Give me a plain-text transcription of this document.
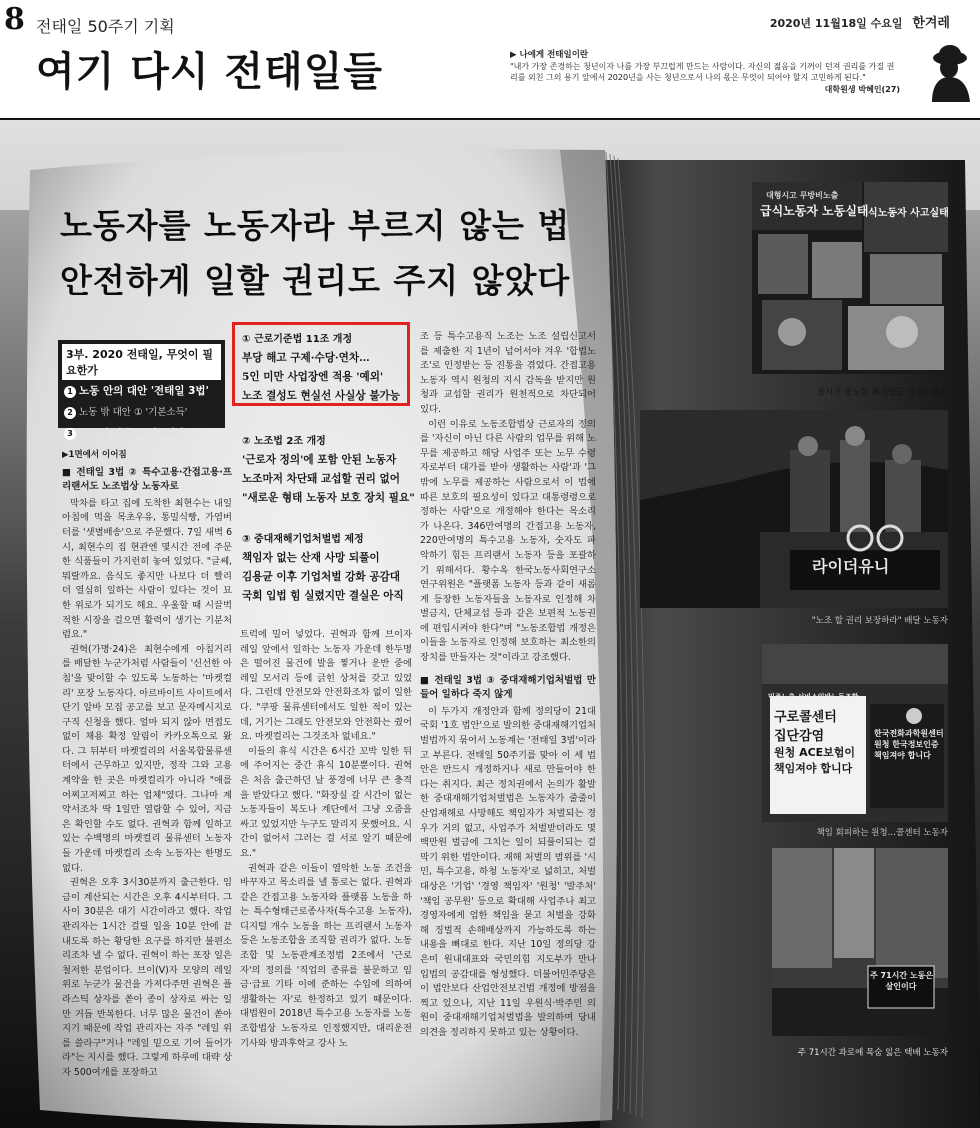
8 전태일 50주기 기획
여기 다시 전태일들
2020년 11월18일 수요일 한겨레
▶ 나에게 전태일이란
"내가 가장 존경하는 청년이자 나를 가장 부끄럽게 만드는 사람이다. 자신의 젊음을 기꺼이 던져 권리를 가질 권리를 외친 그의 용기 앞에서 2020년을 사는 청년으로서 나의 몫은 무엇이 되어야 할지 고민하게 된다."
대학원생 박혜인(27)
노동자를 노동자라 부르지 않는 법
안전하게 일할 권리도 주지 않았다
3부. 2020 전태일, 무엇이 필요한가
1 노동 안의 대안 '전태일 3법'
2 노동 밖 대안 ① '기본소득'
3 노동 밖 대안 ② '기초자산'
① 근로기준법 11조 개정
부당 해고 구제·수당·연차…
5인 미만 사업장엔 적용 '예외'
노조 결성도 현실선 사실상 불가능
② 노조법 2조 개정
'근로자 정의'에 포함 안된 노동자
노조마저 차단돼 교섭할 권리 없어
"새로운 형태 노동자 보호 장치 필요"
③ 중대재해기업처벌법 제정
책임자 없는 산재 사망 되풀이
김용균 이후 기업처벌 강화 공감대
국회 입법 힘 실렸지만 결실은 아직

▶1면에서 이어짐

■ 전태일 3법 ② 특수고용·간접고용·프리랜서도 노조법상 노동자로

막차를 타고 집에 도착한 최현수는 내일 아침에 먹을 목초우유, 통밀식빵, 가염버터를 '샛별배송'으로 주문했다. 7일 새벽 6시, 최현수의 집 현관엔 몇시간 전에 주문한 식품들이 가지런히 놓여 있었다. "글쎄, 뭐랄까요. 음식도 좋지만 나보다 더 빨리 더 열심히 일하는 사람이 있다는 것이 묘한 위로가 되기도 해요. 우울할 때 시끌벅적한 시장을 걸으면 활력이 생기는 기분처럼요."

권혁(가명·24)은 최현수에게 아침거리를 배달한 누군가처럼 사람들이 '신선한 아침'을 맞이할 수 있도록 노동하는 '마켓컬리' 포장 노동자다. 아르바이트 사이트에서 단기 알바 모집 공고를 보고 문자메시지로 구직 신청을 했다. 얼마 되지 않아 면접도 없이 채용 확정 알림이 카카오톡으로 왔다. 그 뒤부터 마켓컬리의 서울복합물류센터에서 근무하고 있지만, 정작 그와 고용 계약을 한 곳은 마켓컬리가 아니라 "애를 어찌고저찌고 하는 업체"였다. 그나마 계약서조차 딱 1일만 열람할 수 있어, 지금은 확인할 수도 없다. 권혁과 함께 일하고 있는 수백명의 마켓컬리 물류센터 노동자들 가운데 마켓컬리 소속 노동자는 한명도 없다.

권혁은 오후 3시30분까지 출근한다. 임금이 계산되는 시간은 오후 4시부터다. 그사이 30분은 대기 시간이라고 했다. 작업 관리자는 1시간 걸릴 일을 10분 안에 끝내도록 하는 황당한 요구를 하지만 불편소리조차 낼 수 없다. 권혁이 하는 포장 일은 철저한 분업이다. 브이(V)자 모양의 레일 위로 누군가 물건을 가져다주면 권혁은 플라스틱 상자를 쏟아 종이 상자로 싸는 일만 거듭 반복한다. 너무 많은 물건이 쏟아지기 때문에 작업 관리자는 자주 "레일 위를 쓸라구"거나 "레일 밑으로 기어 들어가라"는 지시를 했다. 그렇게 하루에 대략 상자 500여개를 포장하고

트럭에 밀어 넣었다. 권혁과 함께 브이자 레일 앞에서 일하는 노동자 가운데 한두명은 떨어진 물건에 발을 찧거나 운반 중에 레일 모서리 등에 긁힌 상처를 갖고 있었다. 그런데 안전모와 안전화조차 없이 일한다. "쿠팡 물류센터에서도 일한 적이 있는데, 거기는 그래도 안전모와 안전화는 줬어요. 마켓컬리는 그것조차 없네요."

이들의 휴식 시간은 6시간 꼬박 일한 뒤에 주어지는 중간 휴식 10분뿐이다. 권혁은 처음 출근하던 날 풍경에 너무 큰 충격을 받았다고 했다. "화장실 갈 시간이 없는 노동자들이 복도나 계단에서 그냥 오줌을 싸고 있었지만 누구도 말리지 못했어요. 시간이 없어서 그러는 걸 서로 알기 때문에요."

권혁과 같은 이들이 열악한 노동 조건을 바꾸자고 목소리를 낼 통로는 없다. 권혁과 같은 간접고용 노동자와 플랫폼 노동을 하는 특수형태근로종사자(특수고용 노동자), 디지털 개수 노동을 하는 프리랜서 노동자 등은 노동조합을 조직할 권리가 없다. 노동조합 및 노동관계조정법 2조에서 '근로자'의 정의를 '직업의 종류를 불문하고 임금·급료 기타 이에 준하는 수입에 의하여 생활하는 자'로 한정하고 있기 때문이다. 대법원이 2018년 특수고용 노동자를 노동조합법상 노동자로 인정했지만, 대리운전기사와 방과후학교 강사 노

조 등 특수고용직 노조는 노조 설립신고서를 제출한 지 1년이 넘어서야 겨우 '합법노조'로 인정받는 등 진통을 겪었다. 간접고용 노동자 역시 원청의 지시 감독을 받지만 원청과 교섭할 권리가 원천적으로 차단되어 있다.

이런 이유로 노동조합법상 근로자의 정의를 '자신이 아닌 다른 사람의 업무를 위해 노무를 제공하고 해당 사업주 또는 노무 수령자로부터 대가를 받아 생활하는 사람'과 '그 밖에 노무를 제공하는 사람으로서 이 법에 따른 보호의 필요성이 있다고 대통령령으로 정하는 사람'으로 개정해야 한다는 목소리가 나온다. 346만여명의 간접고용 노동자, 220만여명의 특수고용 노동자, 숫자도 파악하기 힘든 프리랜서 노동자 등을 포괄하기 위해서다. 황수옥 한국노동사회연구소 연구위원은 "플랫폼 노동자 등과 같이 새롭게 등장한 노동자들을 노동자로 인정해 차별금지, 단체교섭 등과 같은 보편적 노동권에 편입시켜야 한다"며 "노동조합법 개정은 이들을 노동자로 인정해 보호하는 최소한의 장치를 만들자는 것"이라고 강조했다.

■ 전태일 3법 ③ 중대재해기업처벌법 만들어 일하다 죽지 않게

이 두가지 개정안과 함께 정의당이 21대 국회 '1호 법안'으로 발의한 중대재해기업처벌법까지 묶어서 노동계는 '전태일 3법'이라고 부른다. 전태일 50주기를 맞아 이 세 법안은 반드시 개정하거나 새로 만들어야 한다는 취지다. 최근 정치권에서 논의가 활발한 중대재해기업처벌법은 노동자가 줄줄이 산업재해로 사망해도 책임자가 처벌되는 경우가 거의 없고, 사업주가 처벌받더라도 몇백만원 벌금에 그치는 일이 되풀이되는 걸 막기 위한 법안이다. 재해 처벌의 범위를 '시민, 특수고용, 하청 노동자'로 넓히고, 처벌 대상은 '기업' '경영 책임자' '원청' '발주처' '책임 공무원' 등으로 확대해 사업주나 최고경영자에게 엄한 책임을 묻고 처벌을 강화해 징벌적 손해배상까지 가능하도록 하는 내용을 뼈대로 한다. 지난 10일 정의당 강은미 원내대표와 국민의힘 지도부가 만나 입법의 공감대를 형성했다. 더불어민주당은 이 법안보다 산업안전보건법 개정에 방점을 찍고 있으나, 지난 11일 우원식·박주민 의원이 중대재해기업처벌법을 발의하며 당내 의견을 정리하지 못하고 있는 상황이다.

대형시고 무방비노출
급식노동자 노동실태 식노동자 사고실태
장시간 중노동 최저임금 급식노동자
라이더유니
"노조 할 권리 보장하라" 배달 노동자
민주노총 서비스일반노동조합
구로콜센터
집단감염
원청 ACE보험이
책임져야 합니다
한국전화과학원센터
원청 한국정보인증
책임져야 합니다
책임 회피하는 원청…콜센터 노동자
주 71시간 노동은
살인이다
주 71시간 과로에 목숨 잃은 택배 노동자
